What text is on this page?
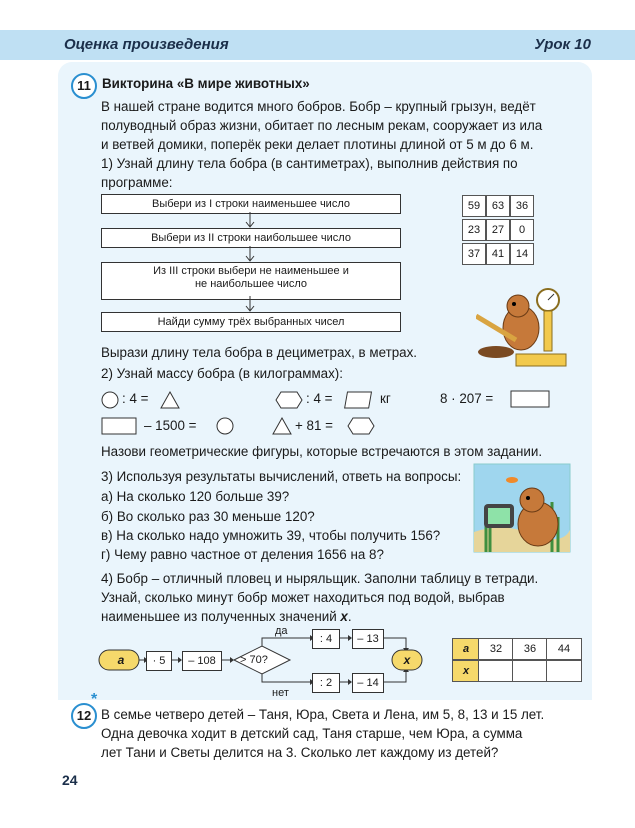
Оценка произведения	Урок 10
11 Викторина «В мире животных»
В нашей стране водится много бобров. Бобр – крупный грызун, ведёт
полуводный образ жизни, обитает по лесным рекам, сооружает из ила
и ветвей домики, поперёк реки делает плотины длиной от 5 м до 6 м.
1) Узнай длину тела бобра (в сантиметрах), выполнив действия по
программе:
Выбери из I строки наименьшее число
Выбери из II строки наибольшее число
Из III строки выбери не наименьшее и
не наибольшее число
Найди сумму трёх выбранных чисел
59	63	36
23	27	0
37	41	14
Вырази длину тела бобра в дециметрах, в метрах.
2) Узнай массу бобра (в килограммах):
: 4 =	: 4 =	кг	8 · 207 =
– 1500 =	+ 81 =
Назови геометрические фигуры, которые встречаются в этом задании.
3) Используя результаты вычислений, ответь на вопросы:
а) На сколько 120 больше 39?
б) Во сколько раз 30 меньше 120?
в) На сколько надо умножить 39, чтобы получить 156?
г) Чему равно частное от деления 1656 на 8?
4) Бобр – отличный пловец и ныряльщик. Заполни таблицу в тетради.
Узнай, сколько минут бобр может находиться под водой, выбрав
наименьшее из полученных значений x.
a	· 5	– 108	> 70?
да
нет
: 4	– 13
: 2	– 14
x
a	32	36	44
x
12
*
В семье четверо детей – Таня, Юра, Света и Лена, им 5, 8, 13 и 15 лет.
Одна девочка ходит в детский сад, Таня старше, чем Юра, а сумма
лет Тани и Светы делится на 3. Сколько лет каждому из детей?
24
